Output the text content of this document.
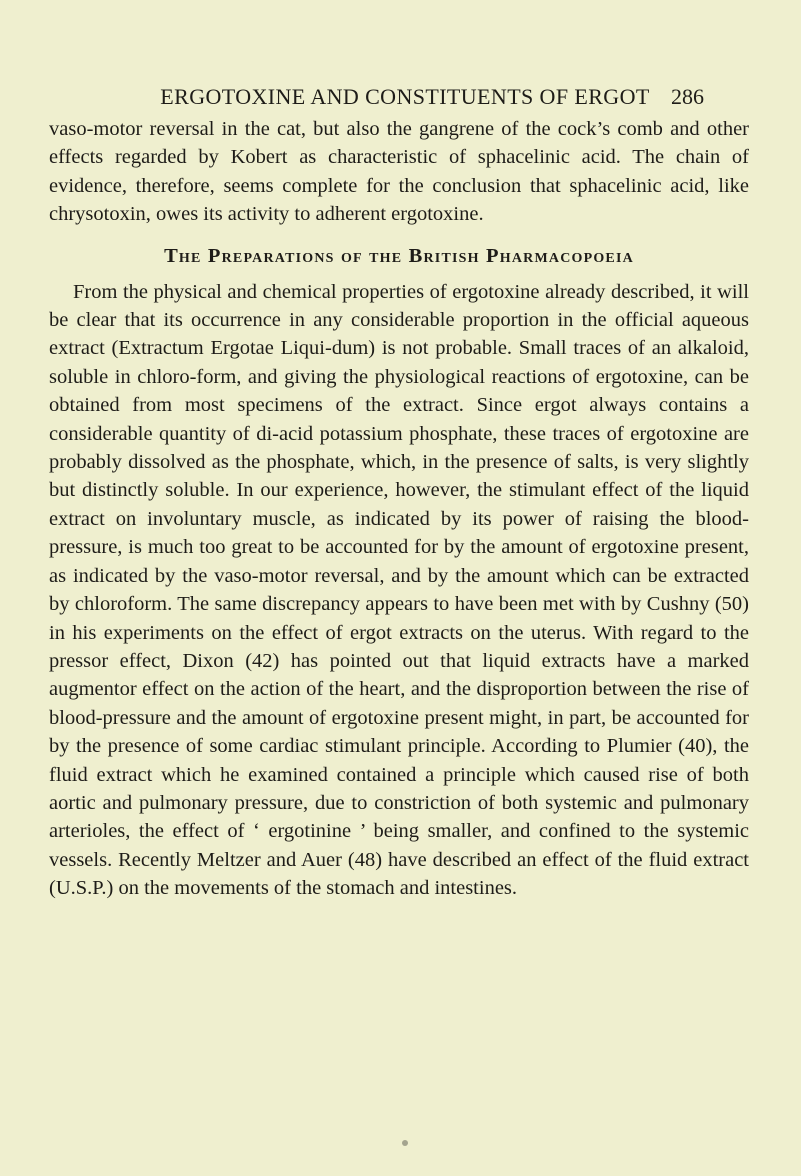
ERGOTOXINE AND CONSTITUENTS OF ERGOT 286

vaso-motor reversal in the cat, but also the gangrene of the cock’s comb and other effects regarded by Kobert as characteristic of sphacelinic acid. The chain of evidence, therefore, seems complete for the conclusion that sphacelinic acid, like chrysotoxin, owes its activity to adherent ergotoxine.

The Preparations of the British Pharmacopoeia

From the physical and chemical properties of ergotoxine already described, it will be clear that its occurrence in any considerable proportion in the official aqueous extract (Extractum Ergotae Liqui-dum) is not probable. Small traces of an alkaloid, soluble in chloro-form, and giving the physiological reactions of ergotoxine, can be obtained from most specimens of the extract. Since ergot always contains a considerable quantity of di-acid potassium phosphate, these traces of ergotoxine are probably dissolved as the phosphate, which, in the presence of salts, is very slightly but distinctly soluble. In our experience, however, the stimulant effect of the liquid extract on involuntary muscle, as indicated by its power of raising the blood-pressure, is much too great to be accounted for by the amount of ergotoxine present, as indicated by the vaso-motor reversal, and by the amount which can be extracted by chloroform. The same discrepancy appears to have been met with by Cushny (50) in his experiments on the effect of ergot extracts on the uterus. With regard to the pressor effect, Dixon (42) has pointed out that liquid extracts have a marked augmentor effect on the action of the heart, and the disproportion between the rise of blood-pressure and the amount of ergotoxine present might, in part, be accounted for by the presence of some cardiac stimulant principle. According to Plumier (40), the fluid extract which he examined contained a principle which caused rise of both aortic and pulmonary pressure, due to constriction of both systemic and pulmonary arterioles, the effect of ‘ ergotinine ’ being smaller, and confined to the systemic vessels. Recently Meltzer and Auer (48) have described an effect of the fluid extract (U.S.P.) on the movements of the stomach and intestines.
